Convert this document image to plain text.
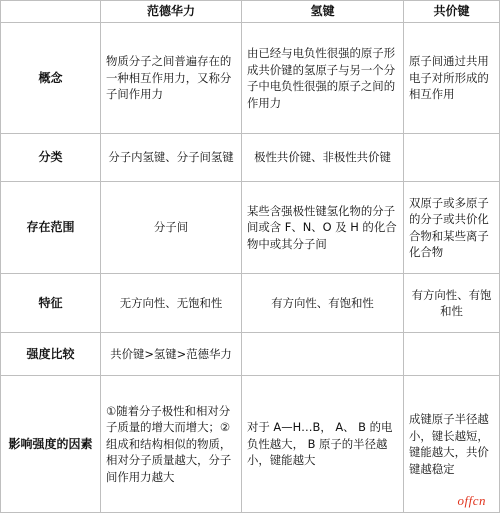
	范德华力	氢键	共价键
概念	物质分子之间普遍存在的一种相互作用力，又称分子间作用力	由已经与电负性很强的原子形成共价键的氢原子与另一个分子中电负性很强的原子之间的作用力	原子间通过共用电子对所形成的相互作用
分类	分子内氢键、分子间氢键	极性共价键、非极性共价键	
存在范围	分子间	某些含强极性键氢化物的分子间或含 F、N、O 及 H 的化合物中或其分子间	双原子或多原子的分子或共价化合物和某些离子化合物
特征	无方向性、无饱和性	有方向性、有饱和性	有方向性、有饱和性
强度比较	共价键>氢键>范德华力		
影响强度的因素	①随着分子极性和相对分子质量的增大而增大；②组成和结构相似的物质，相对分子质量越大，分子间作用力越大	对于 A—H…B， A、 B 的电负性越大， B 原子的半径越小，键能越大	成键原子半径越小，键长越短，键能越大，共价键越稳定
offcn
